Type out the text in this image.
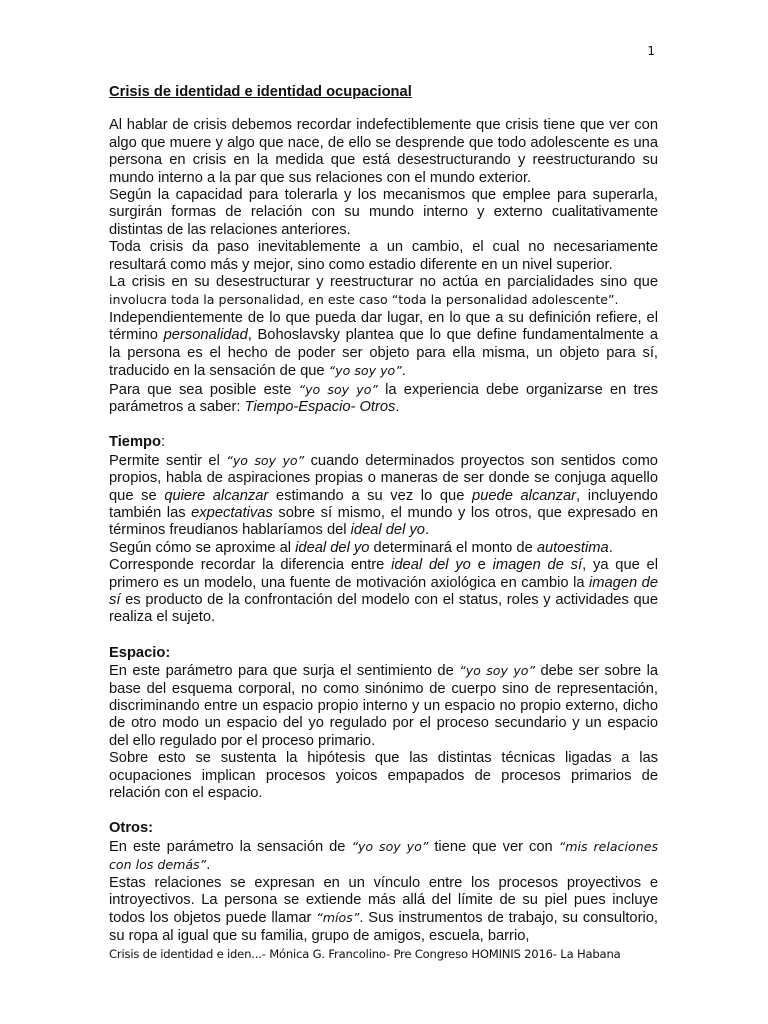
1

Crisis de identidad e identidad ocupacional

Al hablar de crisis debemos recordar indefectiblemente que crisis tiene que ver con algo que muere y algo que nace, de ello se desprende que todo adolescente es una persona en crisis en la medida que está desestructurando y reestructurando su mundo interno a la par que sus relaciones con el mundo exterior.

Según la capacidad para tolerarla y los mecanismos que emplee para superarla, surgirán formas de relación con su mundo interno y externo cualitativamente distintas de las relaciones anteriores.

Toda crisis da paso inevitablemente a un cambio, el cual no necesariamente resultará como más y mejor, sino como estadio diferente en un nivel superior.

La crisis en su desestructurar y reestructurar no actúa en parcialidades sino que involucra toda la personalidad, en este caso “toda la personalidad adolescente”.

Independientemente de lo que pueda dar lugar, en lo que a su definición refiere, el término personalidad, Bohoslavsky plantea que lo que define fundamentalmente a la persona es el hecho de poder ser objeto para ella misma, un objeto para sí, traducido en la sensación de que “yo soy yo”.

Para que sea posible este “yo soy yo” la experiencia debe organizarse en tres parámetros a saber: Tiempo-Espacio- Otros.

Tiempo:

Permite sentir el “yo soy yo” cuando determinados proyectos son sentidos como propios, habla de aspiraciones propias o maneras de ser donde se conjuga aquello que se quiere alcanzar estimando a su vez lo que puede alcanzar, incluyendo también las expectativas sobre sí mismo, el mundo y los otros, que expresado en términos freudianos hablaríamos del ideal del yo.

Según cómo se aproxime al ideal del yo determinará el monto de autoestima.

Corresponde recordar la diferencia entre ideal del yo e imagen de sí, ya que el primero es un modelo, una fuente de motivación axiológica en cambio la imagen de sí es producto de la confrontación del modelo con el status, roles y actividades que realiza el sujeto.

Espacio:

En este parámetro para que surja el sentimiento de “yo soy yo” debe ser sobre la base del esquema corporal, no como sinónimo de cuerpo sino de representación, discriminando entre un espacio propio interno y un espacio no propio externo, dicho de otro modo un espacio del yo regulado por el proceso secundario y un espacio del ello regulado por el proceso primario.

Sobre esto se sustenta la hipótesis que las distintas técnicas ligadas a las ocupaciones implican procesos yoicos empapados de procesos primarios de relación con el espacio.

Otros:

En este parámetro la sensación de “yo soy yo” tiene que ver con “mis relaciones con los demás”.

Estas relaciones se expresan en un vínculo entre los procesos proyectivos e introyectivos. La persona se extiende más allá del límite de su piel pues incluye todos los objetos puede llamar “míos”. Sus instrumentos de trabajo, su consultorio, su ropa al igual que su familia, grupo de amigos, escuela, barrio,

Crisis de identidad e iden...- Mónica G. Francolino- Pre Congreso HOMINIS 2016- La Habana
